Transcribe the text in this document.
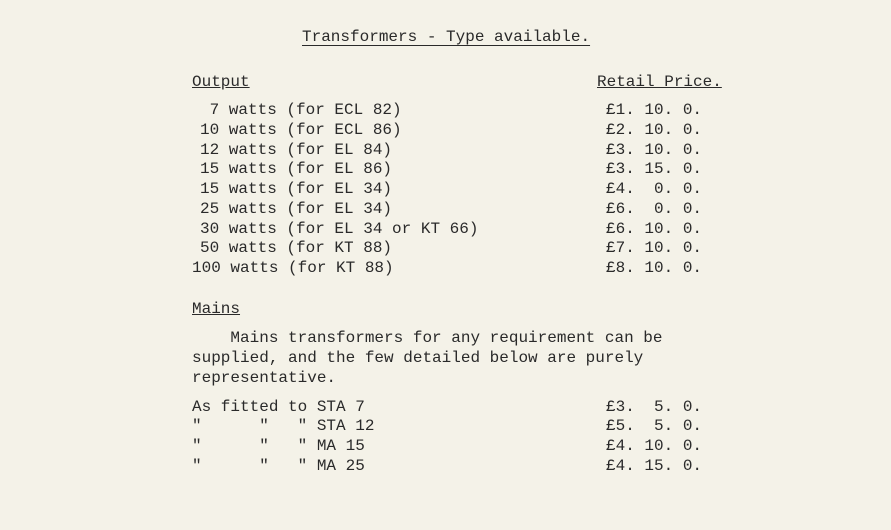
Transformers - Type available.
Output	Retail Price.
7 watts (for ECL 82)	£1. 10. 0.
10 watts (for ECL 86)	£2. 10. 0.
12 watts (for EL 84)	£3. 10. 0.
15 watts (for EL 86)	£3. 15. 0.
15 watts (for EL 34)	£4.  0. 0.
25 watts (for EL 34)	£6.  0. 0.
30 watts (for EL 34 or KT 66)	£6. 10. 0.
50 watts (for KT 88)	£7. 10. 0.
100 watts (for KT 88)	£8. 10. 0.
Mains
Mains transformers for any requirement can be
supplied, and the few detailed below are purely
representative.
As fitted to STA 7	£3.  5. 0.
"      "   " STA 12	£5.  5. 0.
"      "   " MA 15	£4. 10. 0.
"      "   " MA 25	£4. 15. 0.
